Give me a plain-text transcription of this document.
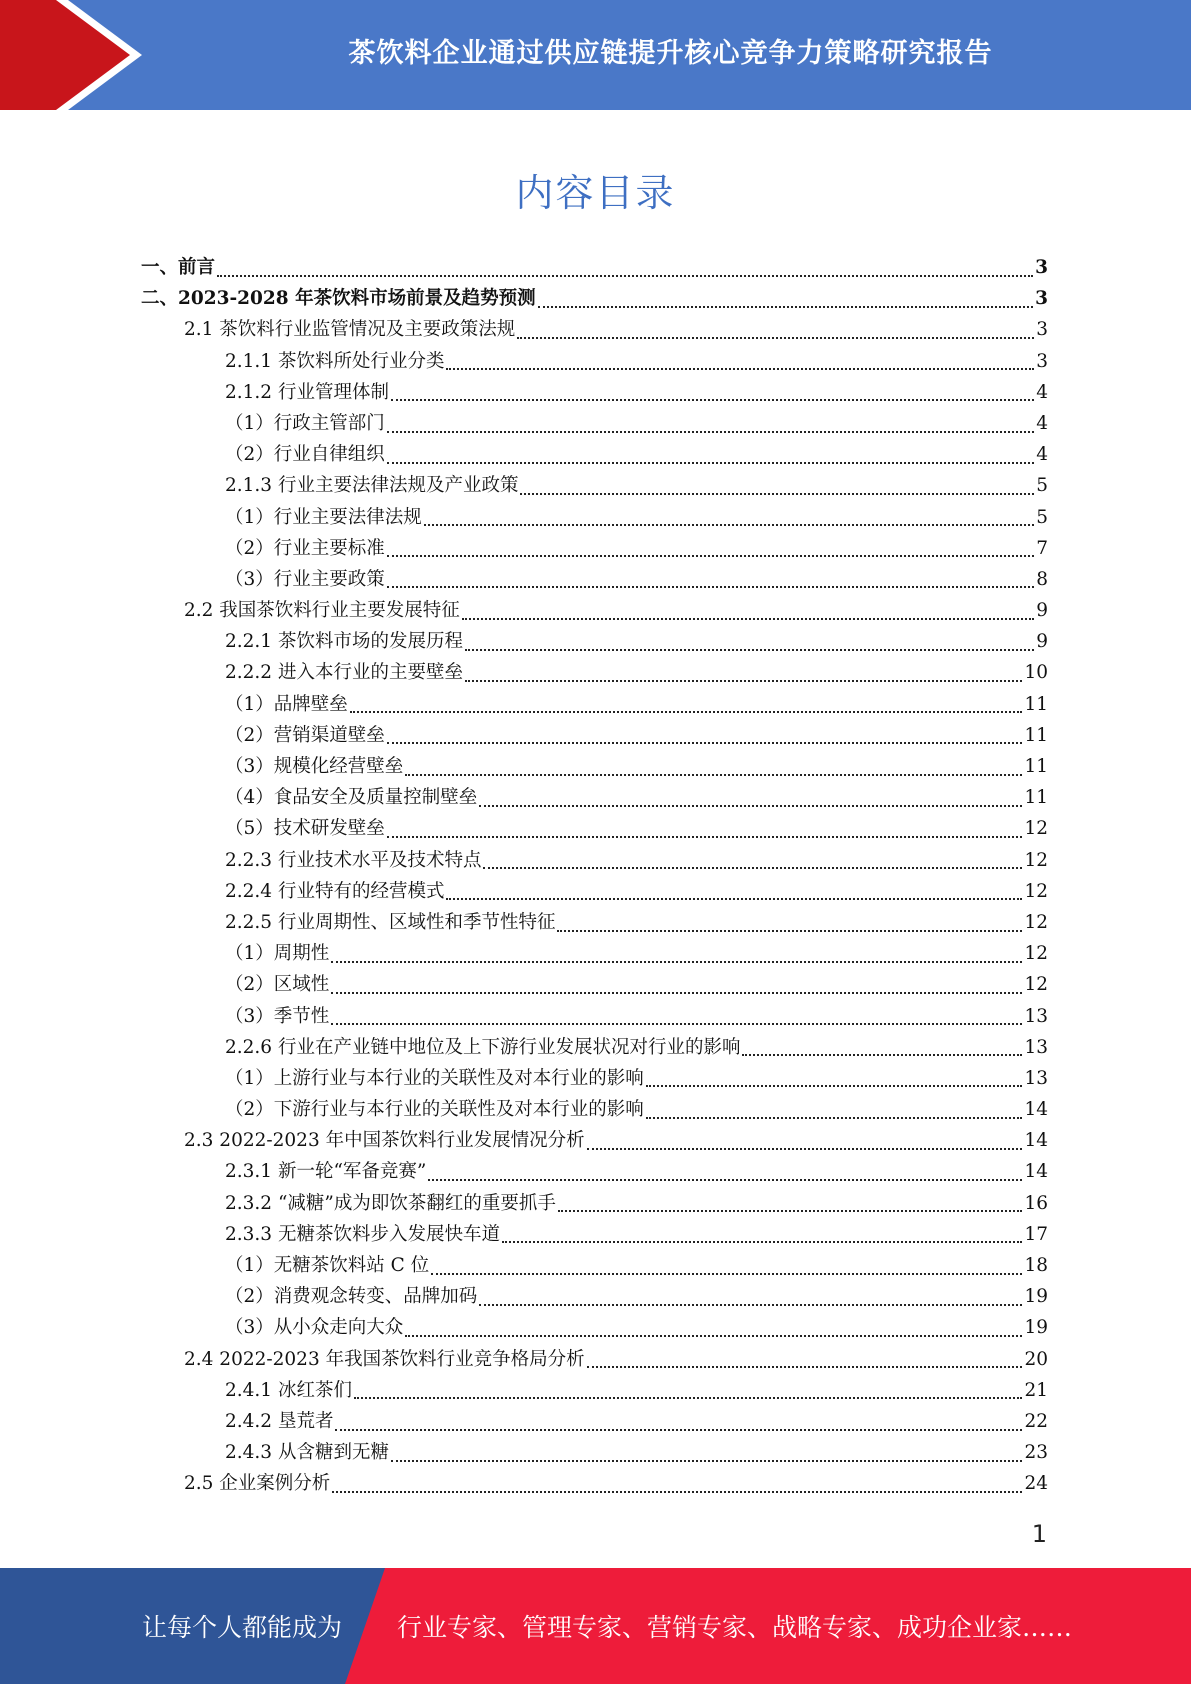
茶饮料企业通过供应链提升核心竞争力策略研究报告
内容目录
一、前言	3
二、2023-2028 年茶饮料市场前景及趋势预测	3
2.1 茶饮料行业监管情况及主要政策法规	3
2.1.1 茶饮料所处行业分类	3
2.1.2 行业管理体制	4
（1）行政主管部门	4
（2）行业自律组织	4
2.1.3 行业主要法律法规及产业政策	5
（1）行业主要法律法规	5
（2）行业主要标准	7
（3）行业主要政策	8
2.2 我国茶饮料行业主要发展特征	9
2.2.1 茶饮料市场的发展历程	9
2.2.2 进入本行业的主要壁垒	10
（1）品牌壁垒	11
（2）营销渠道壁垒	11
（3）规模化经营壁垒	11
（4）食品安全及质量控制壁垒	11
（5）技术研发壁垒	12
2.2.3 行业技术水平及技术特点	12
2.2.4 行业特有的经营模式	12
2.2.5 行业周期性、区域性和季节性特征	12
（1）周期性	12
（2）区域性	12
（3）季节性	13
2.2.6 行业在产业链中地位及上下游行业发展状况对行业的影响	13
（1）上游行业与本行业的关联性及对本行业的影响	13
（2）下游行业与本行业的关联性及对本行业的影响	14
2.3 2022-2023 年中国茶饮料行业发展情况分析	14
2.3.1 新一轮“军备竞赛”	14
2.3.2 “减糖”成为即饮茶翻红的重要抓手	16
2.3.3 无糖茶饮料步入发展快车道	17
（1）无糖茶饮料站 C 位	18
（2）消费观念转变、品牌加码	19
（3）从小众走向大众	19
2.4 2022-2023 年我国茶饮料行业竞争格局分析	20
2.4.1 冰红茶们	21
2.4.2 垦荒者	22
2.4.3 从含糖到无糖	23
2.5 企业案例分析	24
1
让每个人都能成为 行业专家、管理专家、营销专家、战略专家、成功企业家……
